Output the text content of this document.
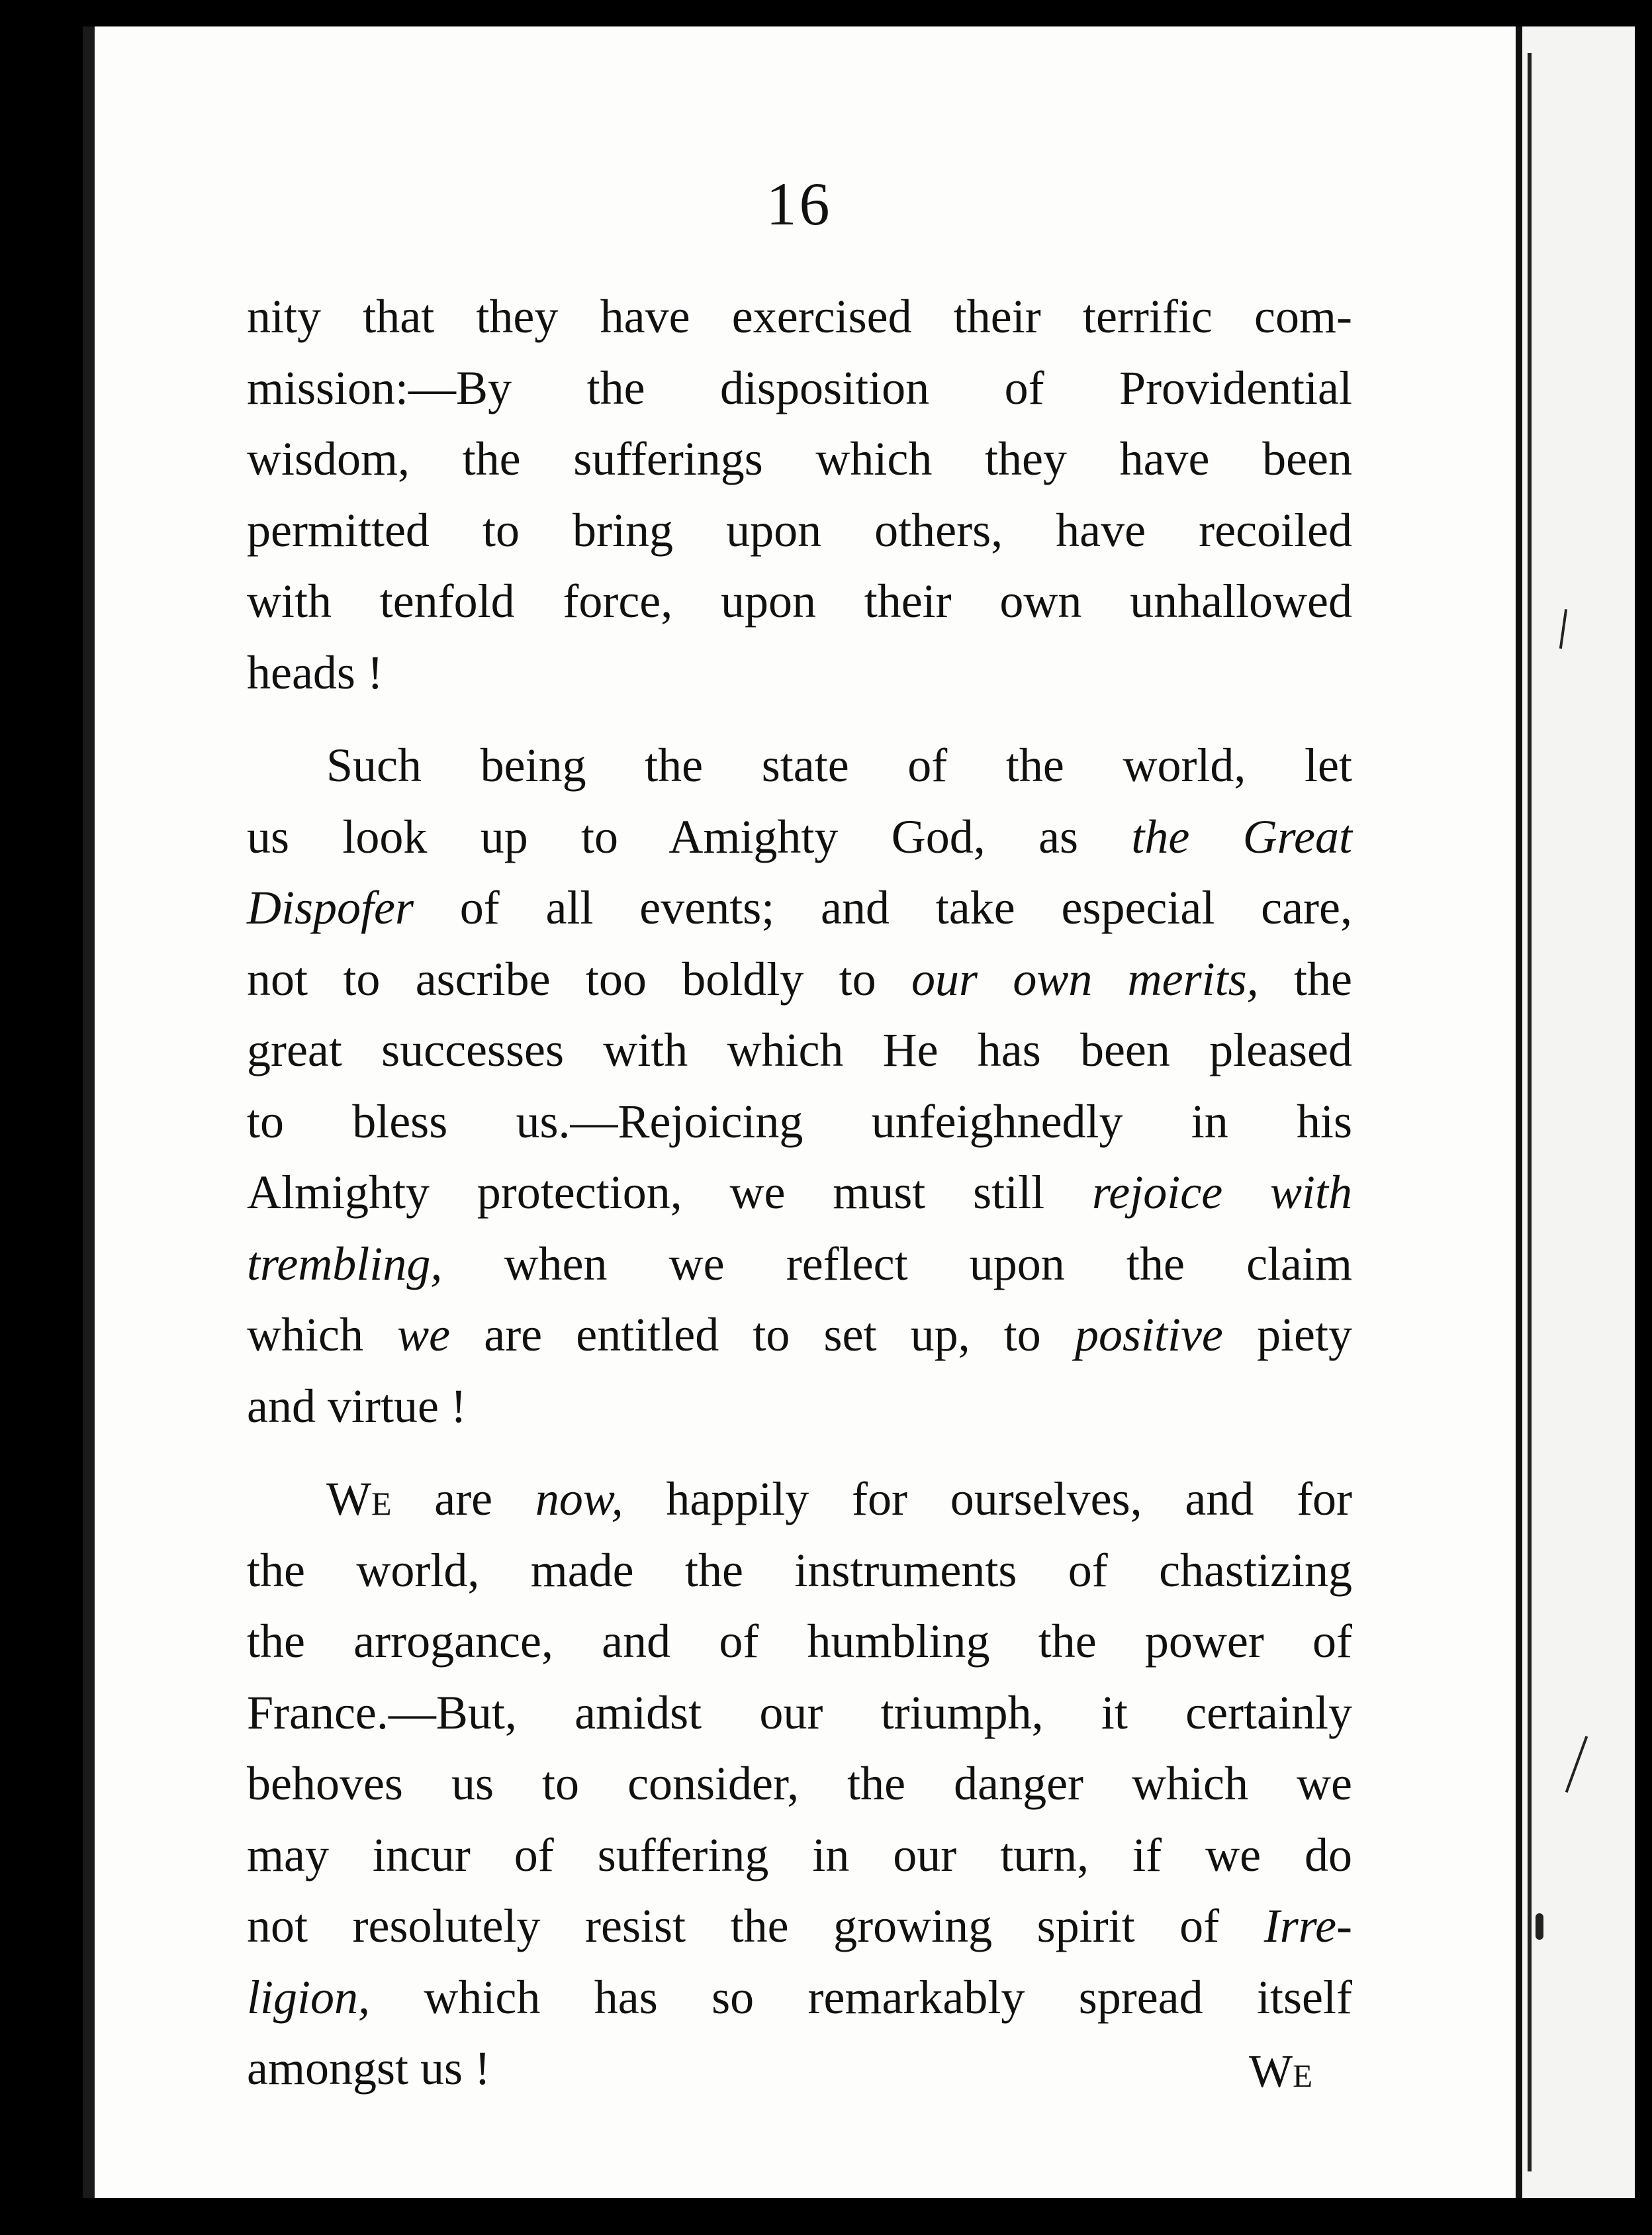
16
nity that they have exercised their terrific com-
mission:—By the disposition of Providential
wisdom, the sufferings which they have been
permitted to bring upon others, have recoiled
with tenfold force, upon their own unhallowed
heads !
Such being the state of the world, let
us look up to Amighty God, as the Great
Dispofer of all events; and take especial care,
not to ascribe too boldly to our own merits, the
great successes with which He has been pleased
to bless us.—Rejoicing unfeighnedly in his
Almighty protection, we must still rejoice with
trembling, when we reflect upon the claim
which we are entitled to set up, to positive piety
and virtue !
We are now, happily for ourselves, and for
the world, made the instruments of chastizing
the arrogance, and of humbling the power of
France.—But, amidst our triumph, it certainly
behoves us to consider, the danger which we
may incur of suffering in our turn, if we do
not resolutely resist the growing spirit of Irre-
ligion, which has so remarkably spread itself
amongst us !	We
